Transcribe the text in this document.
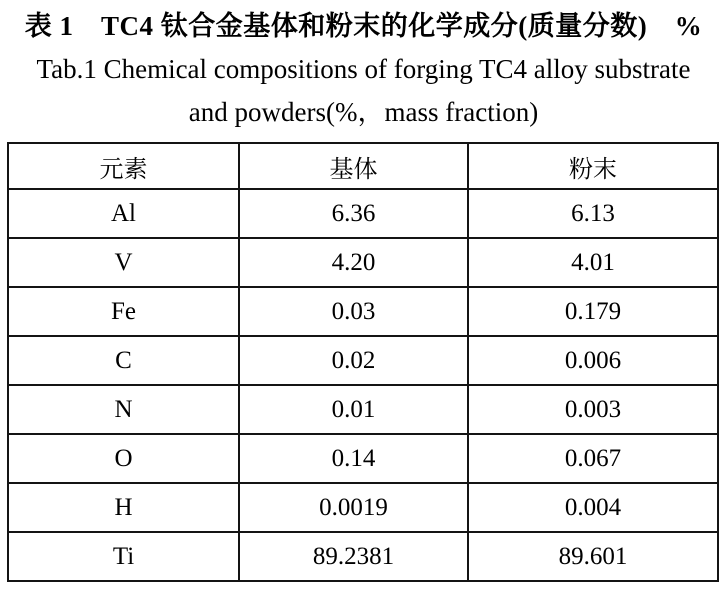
表 1　TC4 钛合金基体和粉末的化学成分(质量分数)　%
Tab.1 Chemical compositions of forging TC4 alloy substrate
and powders(%，mass fraction)
元素	基体	粉末
Al	6.36	6.13
V	4.20	4.01
Fe	0.03	0.179
C	0.02	0.006
N	0.01	0.003
O	0.14	0.067
H	0.0019	0.004
Ti	89.2381	89.601
